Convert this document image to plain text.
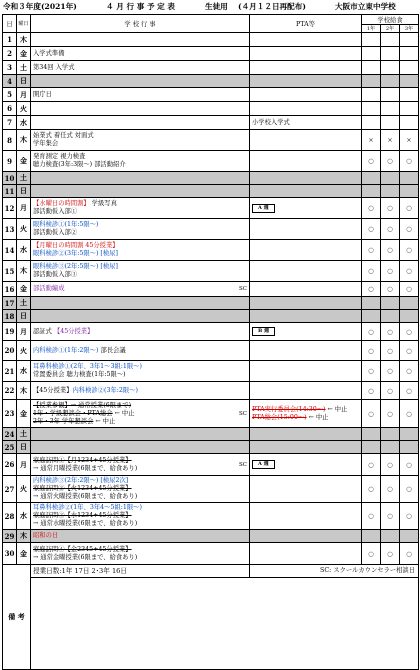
令和３年度(2021年)	４ 月 行 事 予 定 表	生徒用 (４月１２日再配布)	大阪市立東中学校
日	曜日	学 校 行 事	PTA等	学校給食		
				1年	2年	3年
1	木					
2	金	入学式準備				

3	土	第34回 入学式				

4	日					
5	月	開庁日				

6	火					
7	水		小学校入学式			

8	木	始業式 着任式 対面式
学年集会		×	×	×
9	金	発育測定 視力検査
聴力検査(3年:3限～) 部活動紹介		○	○	○
10	土					
11	日					
12	月	【水曜日の時間割】 学級写真
部活動仮入部①	A 週	○	○	○
13	火	眼科検診①(1年:5限～)
部活動仮入部②		○	○	○
14	水	【月曜日の時間割 45分授業】
眼科検診②(3年:5限～) [検尿]		○	○	○
15	木	眼科検診③(2年:5限～) [検尿]
部活動仮入部③		○	○	○
16	金	部活動編成 SC		○	○	○
17	土					
18	日					
19	月	認証式 【45分授業】	B 週	○	○	○
20	火	内科検診①(1年:2限～) 部長会議		○	○	○
21	水	耳鼻科検診①(2年、3年1～3組:1限～)
常置委員会 聴力検査(1年:5限～)		○	○	○
22	木	【45分授業】内科検診②(3年:2限～)		○	○	○
23	金	【授業参観】→ 通常授業(6限まで)
1年・学級懇談会・PTA総会 ← 中止
2年・3年 学年懇談会 ← 中止
SC	PTA実行委員会(14:30～) ← 中止
PTA総会(15:00～) ← 中止	○	○	○
24	土					
25	日					
26	月	家庭訪問①【月1234+45分授業】
→ 通常月曜授業(6限まで、給食あり) SC	A 週	○	○	○
27	火	内科検診③(2年:2限～) [検尿2次]
家庭訪問②【火1234+45分授業】
→ 通常火曜授業(6限まで、給食あり)		○	○	○
28	水	耳鼻科検診②(1年、3年4～5組:1限～)
家庭訪問③【水1234+45分授業】
→ 通常水曜授業(6限まで、給食あり)		○	○	○
29	木	昭和の日				

30	金	家庭訪問④【金2345+45分授業】
→ 通常金曜授業(6限まで、給食あり)		○	○	○
備 考		授業日数:1年 17日 2･3年 16日	SC: スクールカウンセラー相談日			
